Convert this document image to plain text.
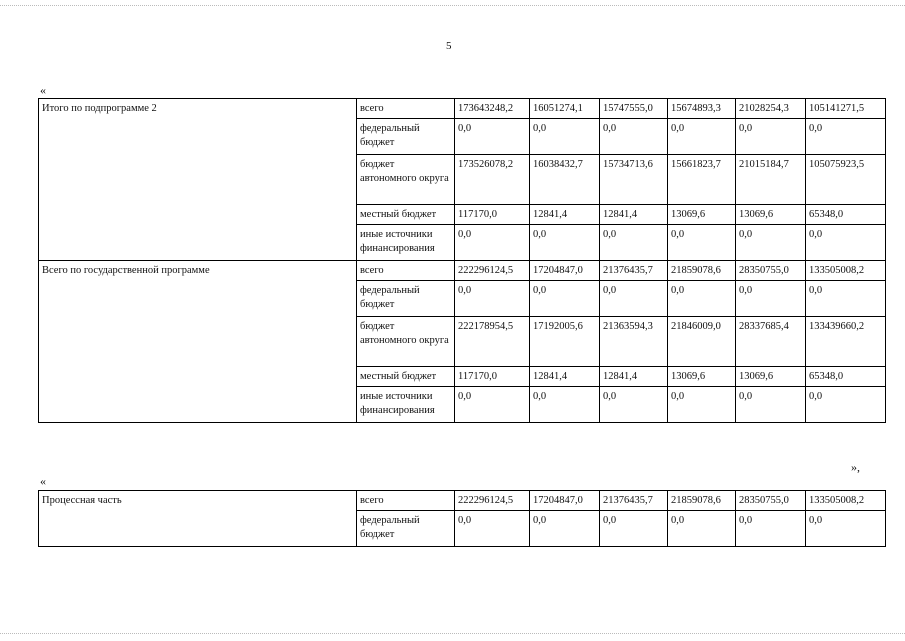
5
«
Итого по подпрограмме 2	всего	173643248,2	16051274,1	15747555,0	15674893,3	21028254,3	105141271,5
	федеральный бюджет	0,0	0,0	0,0	0,0	0,0	0,0
	бюджет автономного округа	173526078,2	16038432,7	15734713,6	15661823,7	21015184,7	105075923,5
	местный бюджет	117170,0	12841,4	12841,4	13069,6	13069,6	65348,0
	иные источники финансирования	0,0	0,0	0,0	0,0	0,0	0,0
Всего по государственной программе	всего	222296124,5	17204847,0	21376435,7	21859078,6	28350755,0	133505008,2
	федеральный бюджет	0,0	0,0	0,0	0,0	0,0	0,0
	бюджет автономного округа	222178954,5	17192005,6	21363594,3	21846009,0	28337685,4	133439660,2
	местный бюджет	117170,0	12841,4	12841,4	13069,6	13069,6	65348,0
	иные источники финансирования	0,0	0,0	0,0	0,0	0,0	0,0
»,
«
Процессная часть	всего	222296124,5	17204847,0	21376435,7	21859078,6	28350755,0	133505008,2
	федеральный бюджет	0,0	0,0	0,0	0,0	0,0	0,0
